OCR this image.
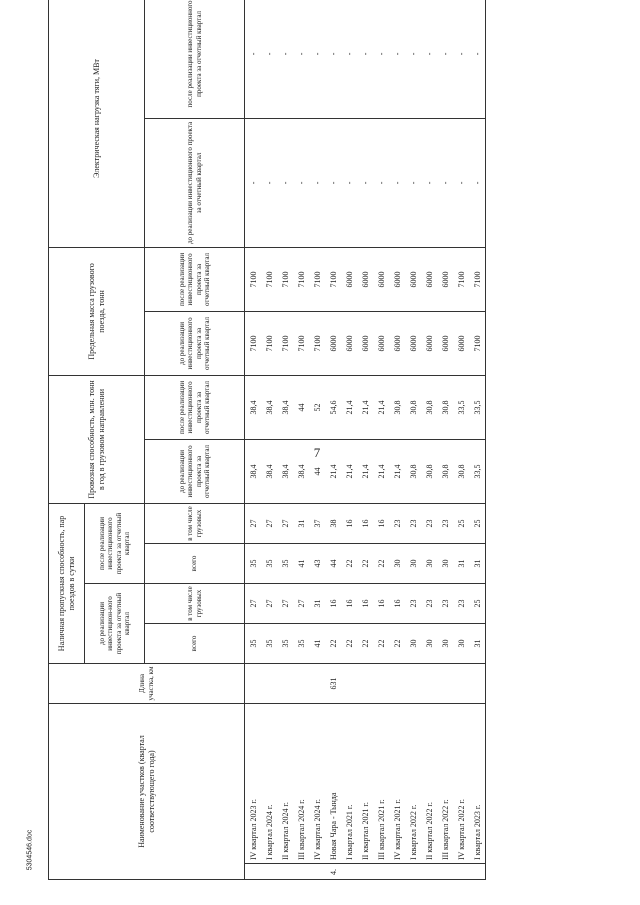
7
5304546.doc
Наименование участков (квартал соответствующего года)		Длина участка, км	Наличная пропускная способность, пар поездов в сутки				Провозная способность, млн. тонн в год в грузовом направлении		Предельная масса грузового поезда, тонн		Электрическая нагрузка тяги, МВт	
			до реализации инвестицион-ного проекта за отчетный квартал		после реализации инвестиционного проекта за отчетный квартал							
			всего	в том числе грузовых	всего	в том числе грузовых	до реализации инвестиционного проекта за отчетный квартал	после реализации инвестиционного проекта за отчетный квартал	до реализации инвестиционного проекта за отчетный квартал	после реализации инвестиционного проекта за отчетный квартал	до реализации инвестиционного проекта за отчетный квартал	после реализации инвестиционного проекта за отчетный квартал
	IV квартал 2023 г.		35	27	35	27	38,4	38,4	7100	7100	-	-
	I квартал 2024 г.		35	27	35	27	38,4	38,4	7100	7100	-	-
	II квартал 2024 г.		35	27	35	27	38,4	38,4	7100	7100	-	-
	III квартал 2024 г.		35	27	41	31	38,4	44	7100	7100	-	-
	IV квартал 2024 г.		41	31	43	37	44	52	7100	7100	-	-
4.	Новая Чара - Тында	631	22	16	44	38	21,4	54,6	6000	7100	-	-
	I квартал 2021 г.		22	16	22	16	21,4	21,4	6000	6000	-	-
	II квартал 2021 г.		22	16	22	16	21,4	21,4	6000	6000	-	-
	III квартал 2021 г.		22	16	22	16	21,4	21,4	6000	6000	-	-
	IV квартал 2021 г.		22	16	30	23	21,4	30,8	6000	6000	-	-
	I квартал 2022 г.		30	23	30	23	30,8	30,8	6000	6000	-	-
	II квартал 2022 г.		30	23	30	23	30,8	30,8	6000	6000	-	-
	III квартал 2022 г.		30	23	30	23	30,8	30,8	6000	6000	-	-
	IV квартал 2022 г.		30	23	31	25	30,8	33,5	6000	7100	-	-
	I квартал 2023 г.		31	25	31	25	33,5	33,5	7100	7100	-	-
